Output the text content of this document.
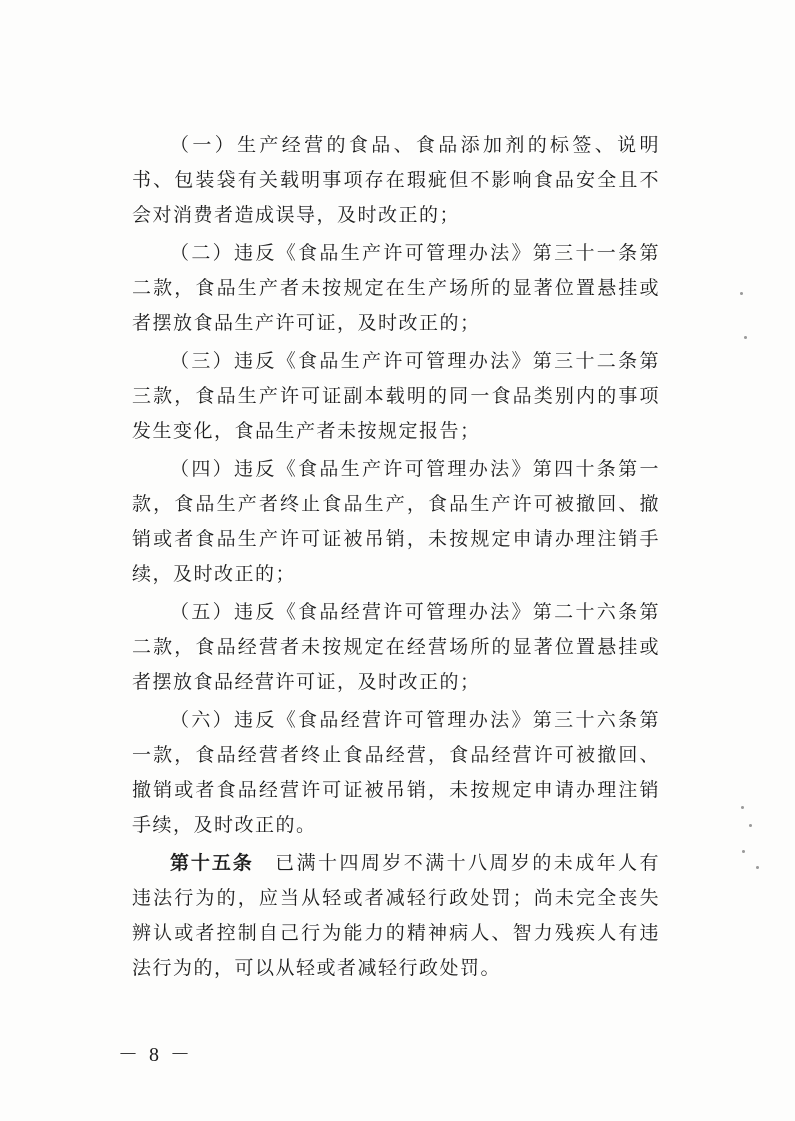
（一）生产经营的食品、食品添加剂的标签、说明书、包装袋有关载明事项存在瑕疵但不影响食品安全且不会对消费者造成误导，及时改正的；

（二）违反《食品生产许可管理办法》第三十一条第二款，食品生产者未按规定在生产场所的显著位置悬挂或者摆放食品生产许可证，及时改正的；

（三）违反《食品生产许可管理办法》第三十二条第三款，食品生产许可证副本载明的同一食品类别内的事项发生变化，食品生产者未按规定报告；

（四）违反《食品生产许可管理办法》第四十条第一款，食品生产者终止食品生产，食品生产许可被撤回、撤销或者食品生产许可证被吊销，未按规定申请办理注销手续，及时改正的；

（五）违反《食品经营许可管理办法》第二十六条第二款，食品经营者未按规定在经营场所的显著位置悬挂或者摆放食品经营许可证，及时改正的；

（六）违反《食品经营许可管理办法》第三十六条第一款，食品经营者终止食品经营，食品经营许可被撤回、撤销或者食品经营许可证被吊销，未按规定申请办理注销手续，及时改正的。

第十五条　 已满十四周岁不满十八周岁的未成年人有违法行为的，应当从轻或者减轻行政处罚；尚未完全丧失辨认或者控制自己行为能力的精神病人、智力残疾人有违法行为的，可以从轻或者减轻行政处罚。

－ 8 －
